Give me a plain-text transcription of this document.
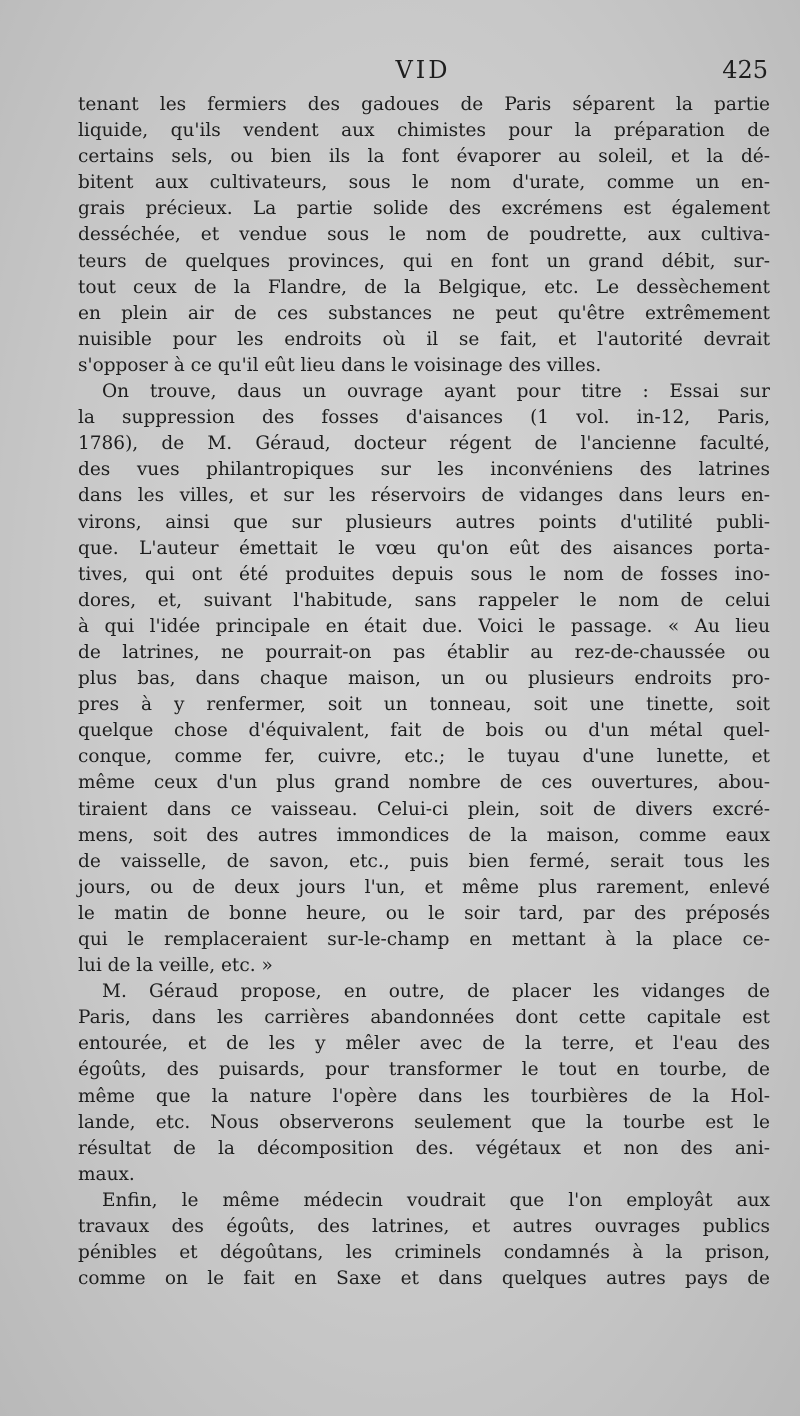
VID	425
tenant les fermiers des gadoues de Paris séparent la partie
liquide, qu'ils vendent aux chimistes pour la préparation de
certains sels, ou bien ils la font évaporer au soleil, et la dé-
bitent aux cultivateurs, sous le nom d'urate, comme un en-
grais précieux. La partie solide des excrémens est également
desséchée, et vendue sous le nom de poudrette, aux cultiva-
teurs de quelques provinces, qui en font un grand débit, sur-
tout ceux de la Flandre, de la Belgique, etc. Le dessèchement
en plein air de ces substances ne peut qu'être extrêmement
nuisible pour les endroits où il se fait, et l'autorité devrait
s'opposer à ce qu'il eût lieu dans le voisinage des villes.
On trouve, daus un ouvrage ayant pour titre : Essai sur
la suppression des fosses d'aisances (1 vol. in-12, Paris,
1786), de M. Géraud, docteur régent de l'ancienne faculté,
des vues philantropiques sur les inconvéniens des latrines
dans les villes, et sur les réservoirs de vidanges dans leurs en-
virons, ainsi que sur plusieurs autres points d'utilité publi-
que. L'auteur émettait le vœu qu'on eût des aisances porta-
tives, qui ont été produites depuis sous le nom de fosses ino-
dores, et, suivant l'habitude, sans rappeler le nom de celui
à qui l'idée principale en était due. Voici le passage. « Au lieu
de latrines, ne pourrait-on pas établir au rez-de-chaussée ou
plus bas, dans chaque maison, un ou plusieurs endroits pro-
pres à y renfermer, soit un tonneau, soit une tinette, soit
quelque chose d'équivalent, fait de bois ou d'un métal quel-
conque, comme fer, cuivre, etc.; le tuyau d'une lunette, et
même ceux d'un plus grand nombre de ces ouvertures, abou-
tiraient dans ce vaisseau. Celui-ci plein, soit de divers excré-
mens, soit des autres immondices de la maison, comme eaux
de vaisselle, de savon, etc., puis bien fermé, serait tous les
jours, ou de deux jours l'un, et même plus rarement, enlevé
le matin de bonne heure, ou le soir tard, par des préposés
qui le remplaceraient sur-le-champ en mettant à la place ce-
lui de la veille, etc. »
M. Géraud propose, en outre, de placer les vidanges de
Paris, dans les carrières abandonnées dont cette capitale est
entourée, et de les y mêler avec de la terre, et l'eau des
égoûts, des puisards, pour transformer le tout en tourbe, de
même que la nature l'opère dans les tourbières de la Hol-
lande, etc. Nous observerons seulement que la tourbe est le
résultat de la décomposition des. végétaux et non des ani-
maux.
Enfin, le même médecin voudrait que l'on employât aux
travaux des égoûts, des latrines, et autres ouvrages publics
pénibles et dégoûtans, les criminels condamnés à la prison,
comme on le fait en Saxe et dans quelques autres pays de
